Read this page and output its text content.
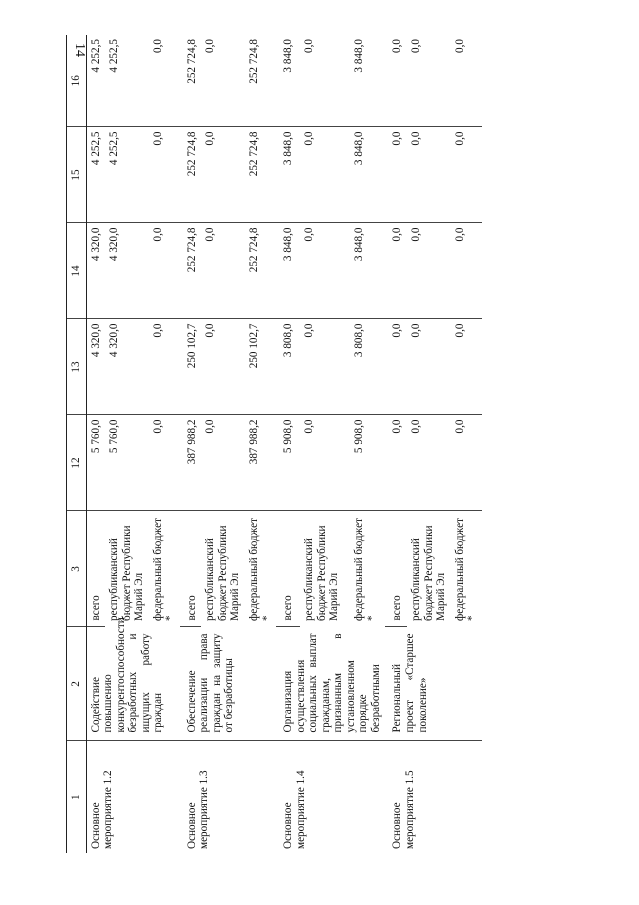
14
1	2	3	12	13	14	15	16
Основное мероприятие 1.2	Содействие повышению конкурентоспособности безработных и ищущих работу граждан	всего	5 760,0	4 320,0	4 320,0	4 252,5	4 252,5
		республиканский бюджет Республики Марий Эл	5 760,0	4 320,0	4 320,0	4 252,5	4 252,5
		федеральный бюджет *	0,0	0,0	0,0	0,0	0,0

Основное мероприятие 1.3	Обеспечение реализации права граждан на защиту от безработицы	всего	387 988,2	250 102,7	252 724,8	252 724,8	252 724,8
		республиканский бюджет Республики Марий Эл	0,0	0,0	0,0	0,0	0,0
		федеральный бюджет *	387 988,2	250 102,7	252 724,8	252 724,8	252 724,8

Основное мероприятие 1.4	Организация осуществления социальных выплат гражданам, признанным в установленном порядке безработными	всего	5 908,0	3 808,0	3 848,0	3 848,0	3 848,0
		республиканский бюджет Республики Марий Эл	0,0	0,0	0,0	0,0	0,0
		федеральный бюджет *	5 908,0	3 808,0	3 848,0	3 848,0	3 848,0

Основное мероприятие 1.5	Региональный проект «Старшее поколение»	всего	0,0	0,0	0,0	0,0	0,0
		республиканский бюджет Республики Марий Эл	0,0	0,0	0,0	0,0	0,0
		федеральный бюджет *	0,0	0,0	0,0	0,0	0,0
